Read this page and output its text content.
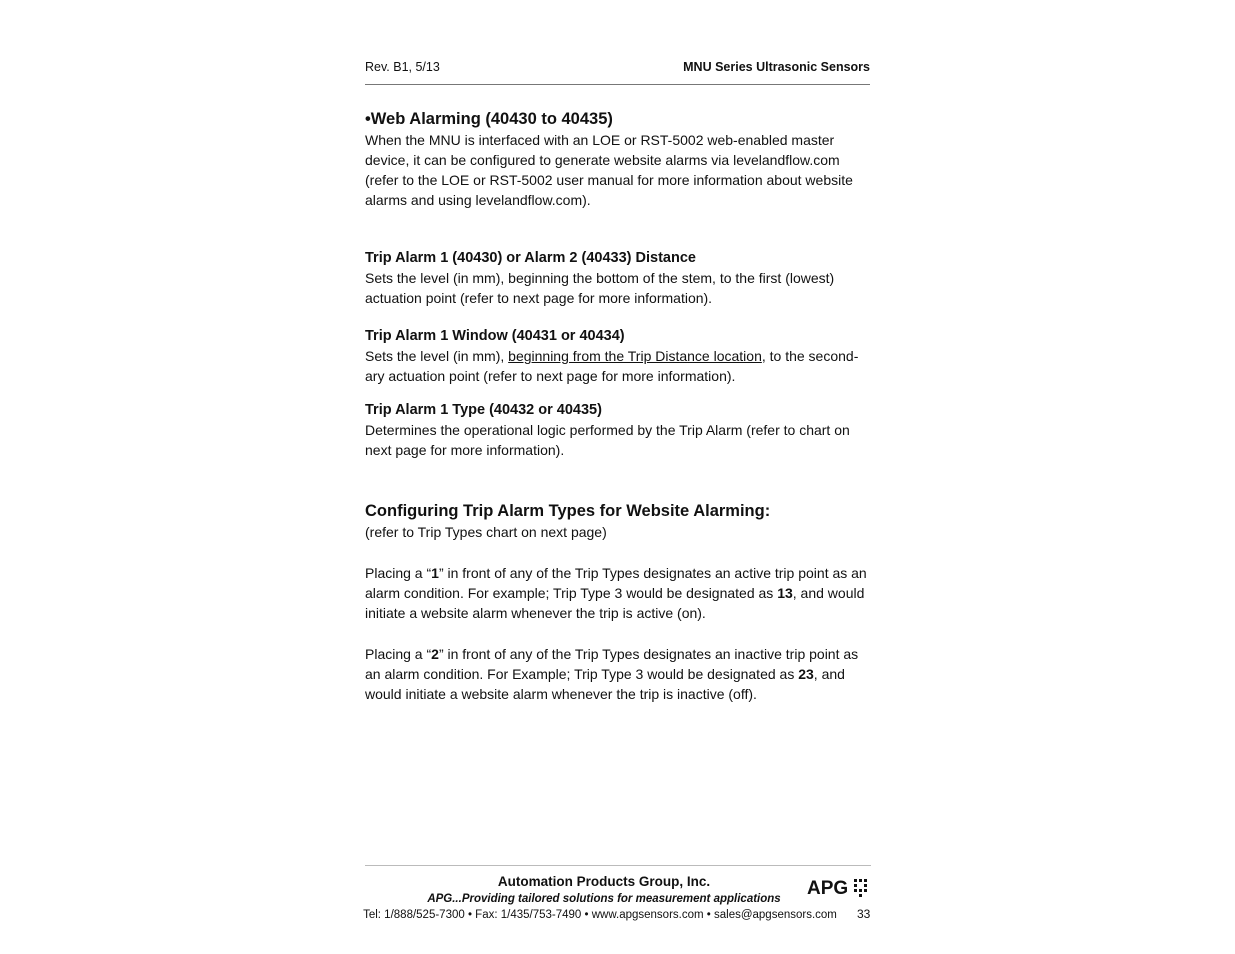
Rev. B1, 5/13	MNU Series Ultrasonic Sensors

•Web Alarming (40430 to 40435)

When the MNU is interfaced with an LOE or RST-5002 web-enabled master device, it can be configured to generate website alarms via levelandflow.com (refer to the LOE or RST-5002 user manual for more information about website alarms and using levelandflow.com).

Trip Alarm 1 (40430) or Alarm 2 (40433) Distance

Sets the level (in mm), beginning the bottom of the stem, to the first (lowest) actuation point (refer to next page for more information).

Trip Alarm 1 Window (40431 or 40434)

Sets the level (in mm), beginning from the Trip Distance location, to the second-ary actuation point (refer to next page for more information).

Trip Alarm 1 Type (40432 or 40435)

Determines the operational logic performed by the Trip Alarm (refer to chart on next page for more information).

Configuring Trip Alarm Types for Website Alarming:

(refer to Trip Types chart on next page)

Placing a “1” in front of any of the Trip Types designates an active trip point as an alarm condition. For example; Trip Type 3 would be designated as 13, and would initiate a website alarm whenever the trip is active (on).

Placing a “2” in front of any of the Trip Types designates an inactive trip point as an alarm condition. For Example; Trip Type 3 would be designated as 23, and would initiate a website alarm whenever the trip is inactive (off).

Automation Products Group, Inc.
APG...Providing tailored solutions for measurement applications
Tel: 1/888/525-7300 • Fax: 1/435/753-7490 • www.apgsensors.com • sales@apgsensors.com	33
APG
